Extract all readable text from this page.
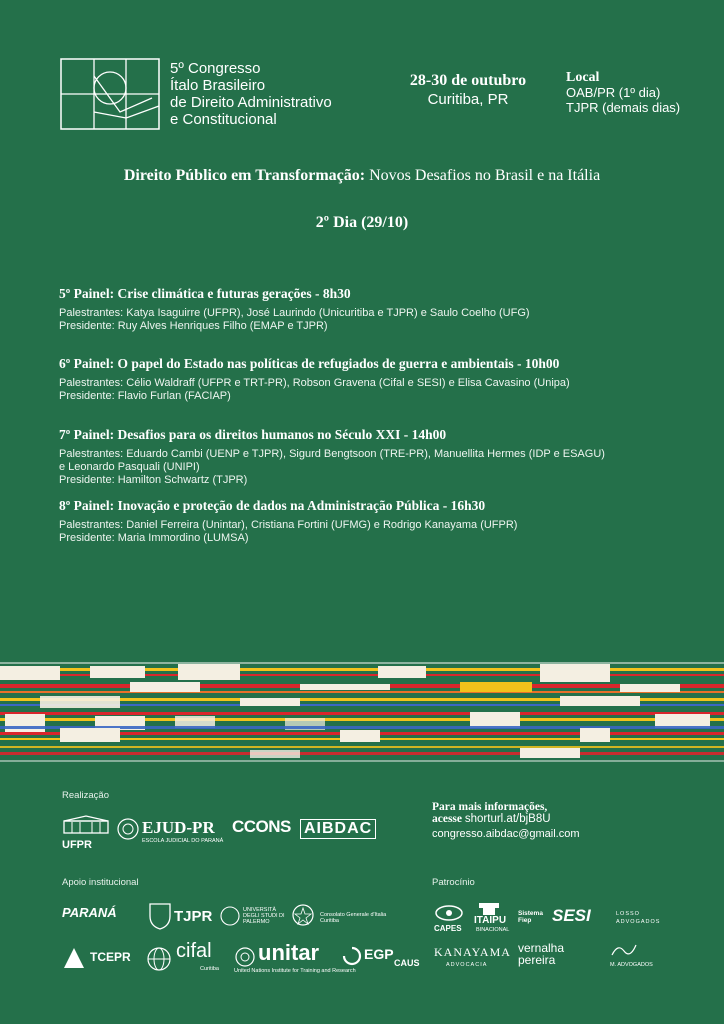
5º Congresso
Ítalo Brasileiro
de Direito Administrativo
e Constitucional
28-30 de outubro
Curitiba, PR
Local
OAB/PR (1º dia)
TJPR (demais dias)
Direito Público em Transformação: Novos Desafios no Brasil e na Itália
2º Dia (29/10)
5º Painel: Crise climática e futuras gerações - 8h30
Palestrantes: Katya Isaguirre (UFPR), José Laurindo (Unicuritiba e TJPR) e Saulo Coelho (UFG)
Presidente: Ruy Alves Henriques Filho (EMAP e TJPR)
6º Painel: O papel do Estado nas políticas de refugiados de guerra e ambientais - 10h00
Palestrantes: Célio Waldraff (UFPR e TRT-PR), Robson Gravena (Cifal e SESI) e Elisa Cavasino (Unipa)
Presidente: Flavio Furlan (FACIAP)
7º Painel: Desafios para os direitos humanos no Século XXI - 14h00
Palestrantes: Eduardo Cambi (UENP e TJPR), Sigurd Bengtsoon (TRE-PR), Manuellita Hermes (IDP e ESAGU)
e Leonardo Pasquali (UNIPI)
Presidente: Hamilton Schwartz (TJPR)
8º Painel: Inovação e proteção de dados na Administração Pública - 16h30
Palestrantes: Daniel Ferreira (Unintar), Cristiana Fortini (UFMG) e Rodrigo Kanayama (UFPR)
Presidente: Maria Immordino (LUMSA)
Realização
UFPR
EJUD-PR
ESCOLA JUDICIAL DO PARANÁ
CCONS AIBDAC
Para mais informações,
acesse shorturl.at/bjB8U
congresso.aibdac@gmail.com
Apoio institucional
PARANÁ	TJPR	UNIVERSITÀ DEGLI STUDI DI PALERMO
Consolato Generale d'Italia Curitiba
TCEPR cifal
Curitiba
unitar
United Nations Institute for Training and Research
EGP
CAUS
Patrocínio
CAPES
ITAIPU
BINACIONAL
Sistema Fiep	SESI	LOSSO ADVOGADOS
KANAYAMA
ADVOCACIA
vernalha pereira	M. ADVOGADOS
